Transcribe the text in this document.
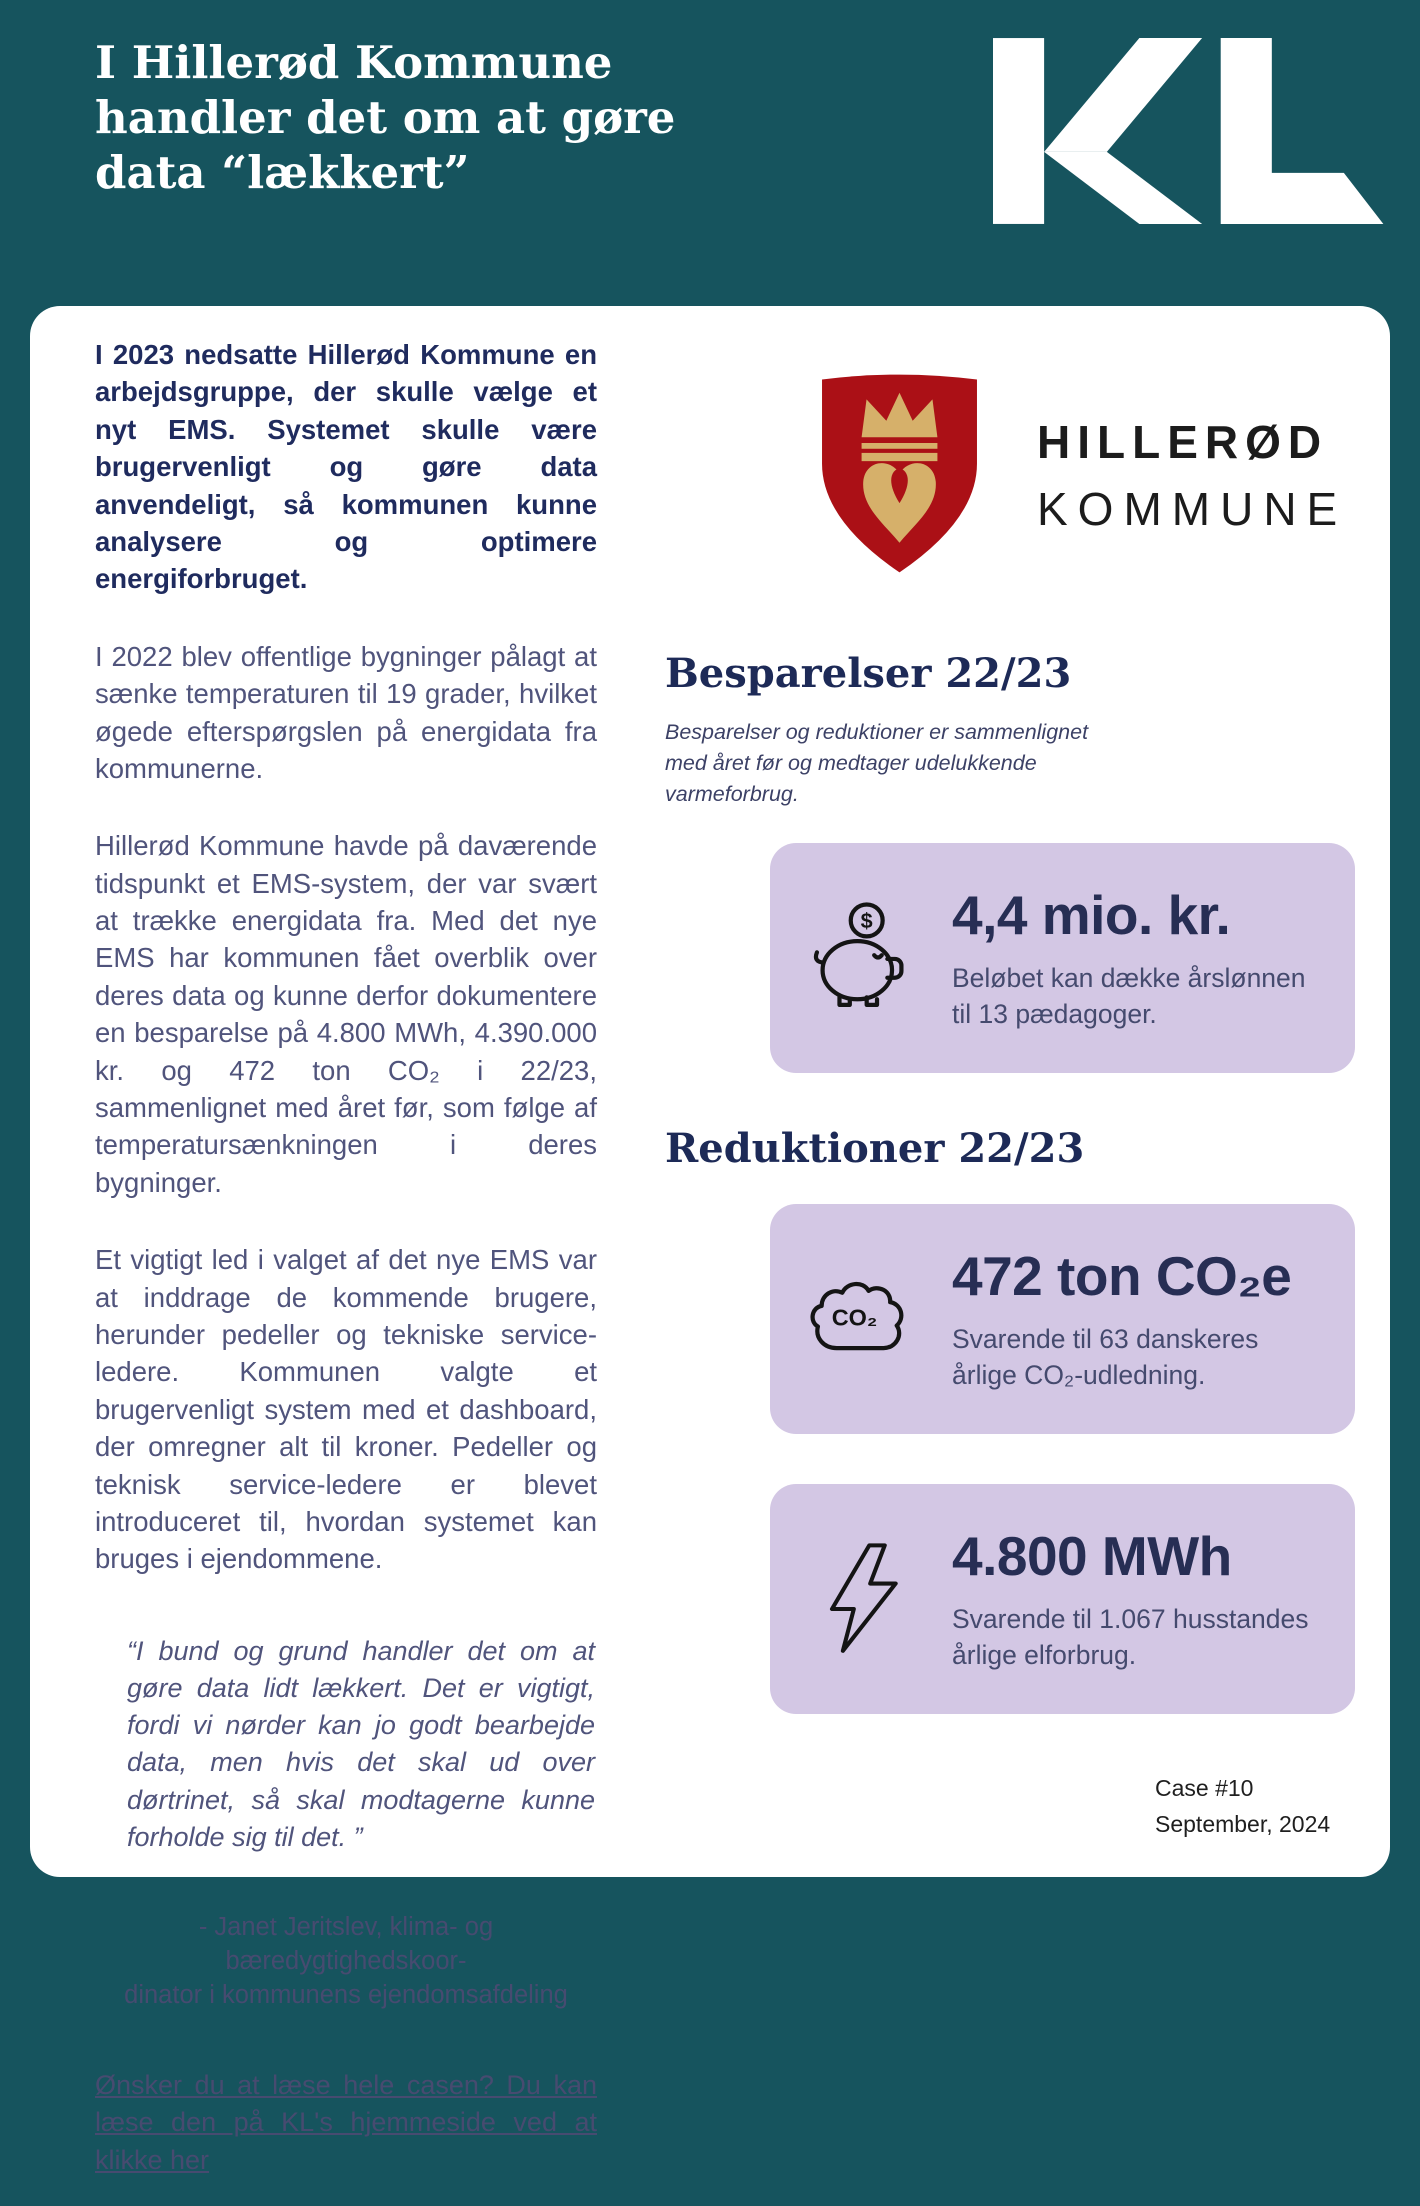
I Hillerød Kommune
handler det om at gøre
data “lækkert”

I 2023 nedsatte Hillerød Kommune en arbejdsgruppe, der skulle vælge et nyt EMS. Systemet skulle være brugervenligt og gøre data anvendeligt, så kommunen kunne analysere og optimere energiforbruget.

I 2022 blev offentlige bygninger pålagt at sænke temperaturen til 19 grader, hvilket øgede efterspørgslen på energidata fra kommunerne.

Hillerød Kommune havde på daværende tidspunkt et EMS-system, der var svært at trække energidata fra. Med det nye EMS har kommunen fået overblik over deres data og kunne derfor dokumentere en besparelse på 4.800 MWh, 4.390.000 kr. og 472 ton CO₂ i 22/23, sammenlignet med året før, som følge af temperatursænkningen i deres bygninger.

Et vigtigt led i valget af det nye EMS var at inddrage de kommende brugere, herunder pedeller og tekniske service-ledere. Kommunen valgte et brugervenligt system med et dashboard, der omregner alt til kroner. Pedeller og teknisk service-ledere er blevet introduceret til, hvordan systemet kan bruges i ejendommene.

“I bund og grund handler det om at gøre data lidt lækkert. Det er vigtigt, fordi vi nørder kan jo godt bearbejde data, men hvis det skal ud over dørtrinet, så skal modtagerne kunne forholde sig til det. ”

- Janet Jeritslev, klima- og bæredygtighedskoor-
dinator i kommunens ejendomsafdeling

Ønsker du at læse hele casen? Du kan læse den på KL's hjemmeside ved at klikke her

HILLERØD
KOMMUNE
Besparelser 22/23
Besparelser og reduktioner er sammenlignet med året før og medtager udelukkende varmeforbrug.
$ 4,4 mio. kr.
Beløbet kan dække årslønnen til 13 pædagoger.
Reduktioner 22/23
CO₂
472 ton CO₂e
Svarende til 63 danskeres årlige CO₂-udledning.
4.800 MWh
Svarende til 1.067 husstandes årlige elforbrug.
Case #10
September, 2024
